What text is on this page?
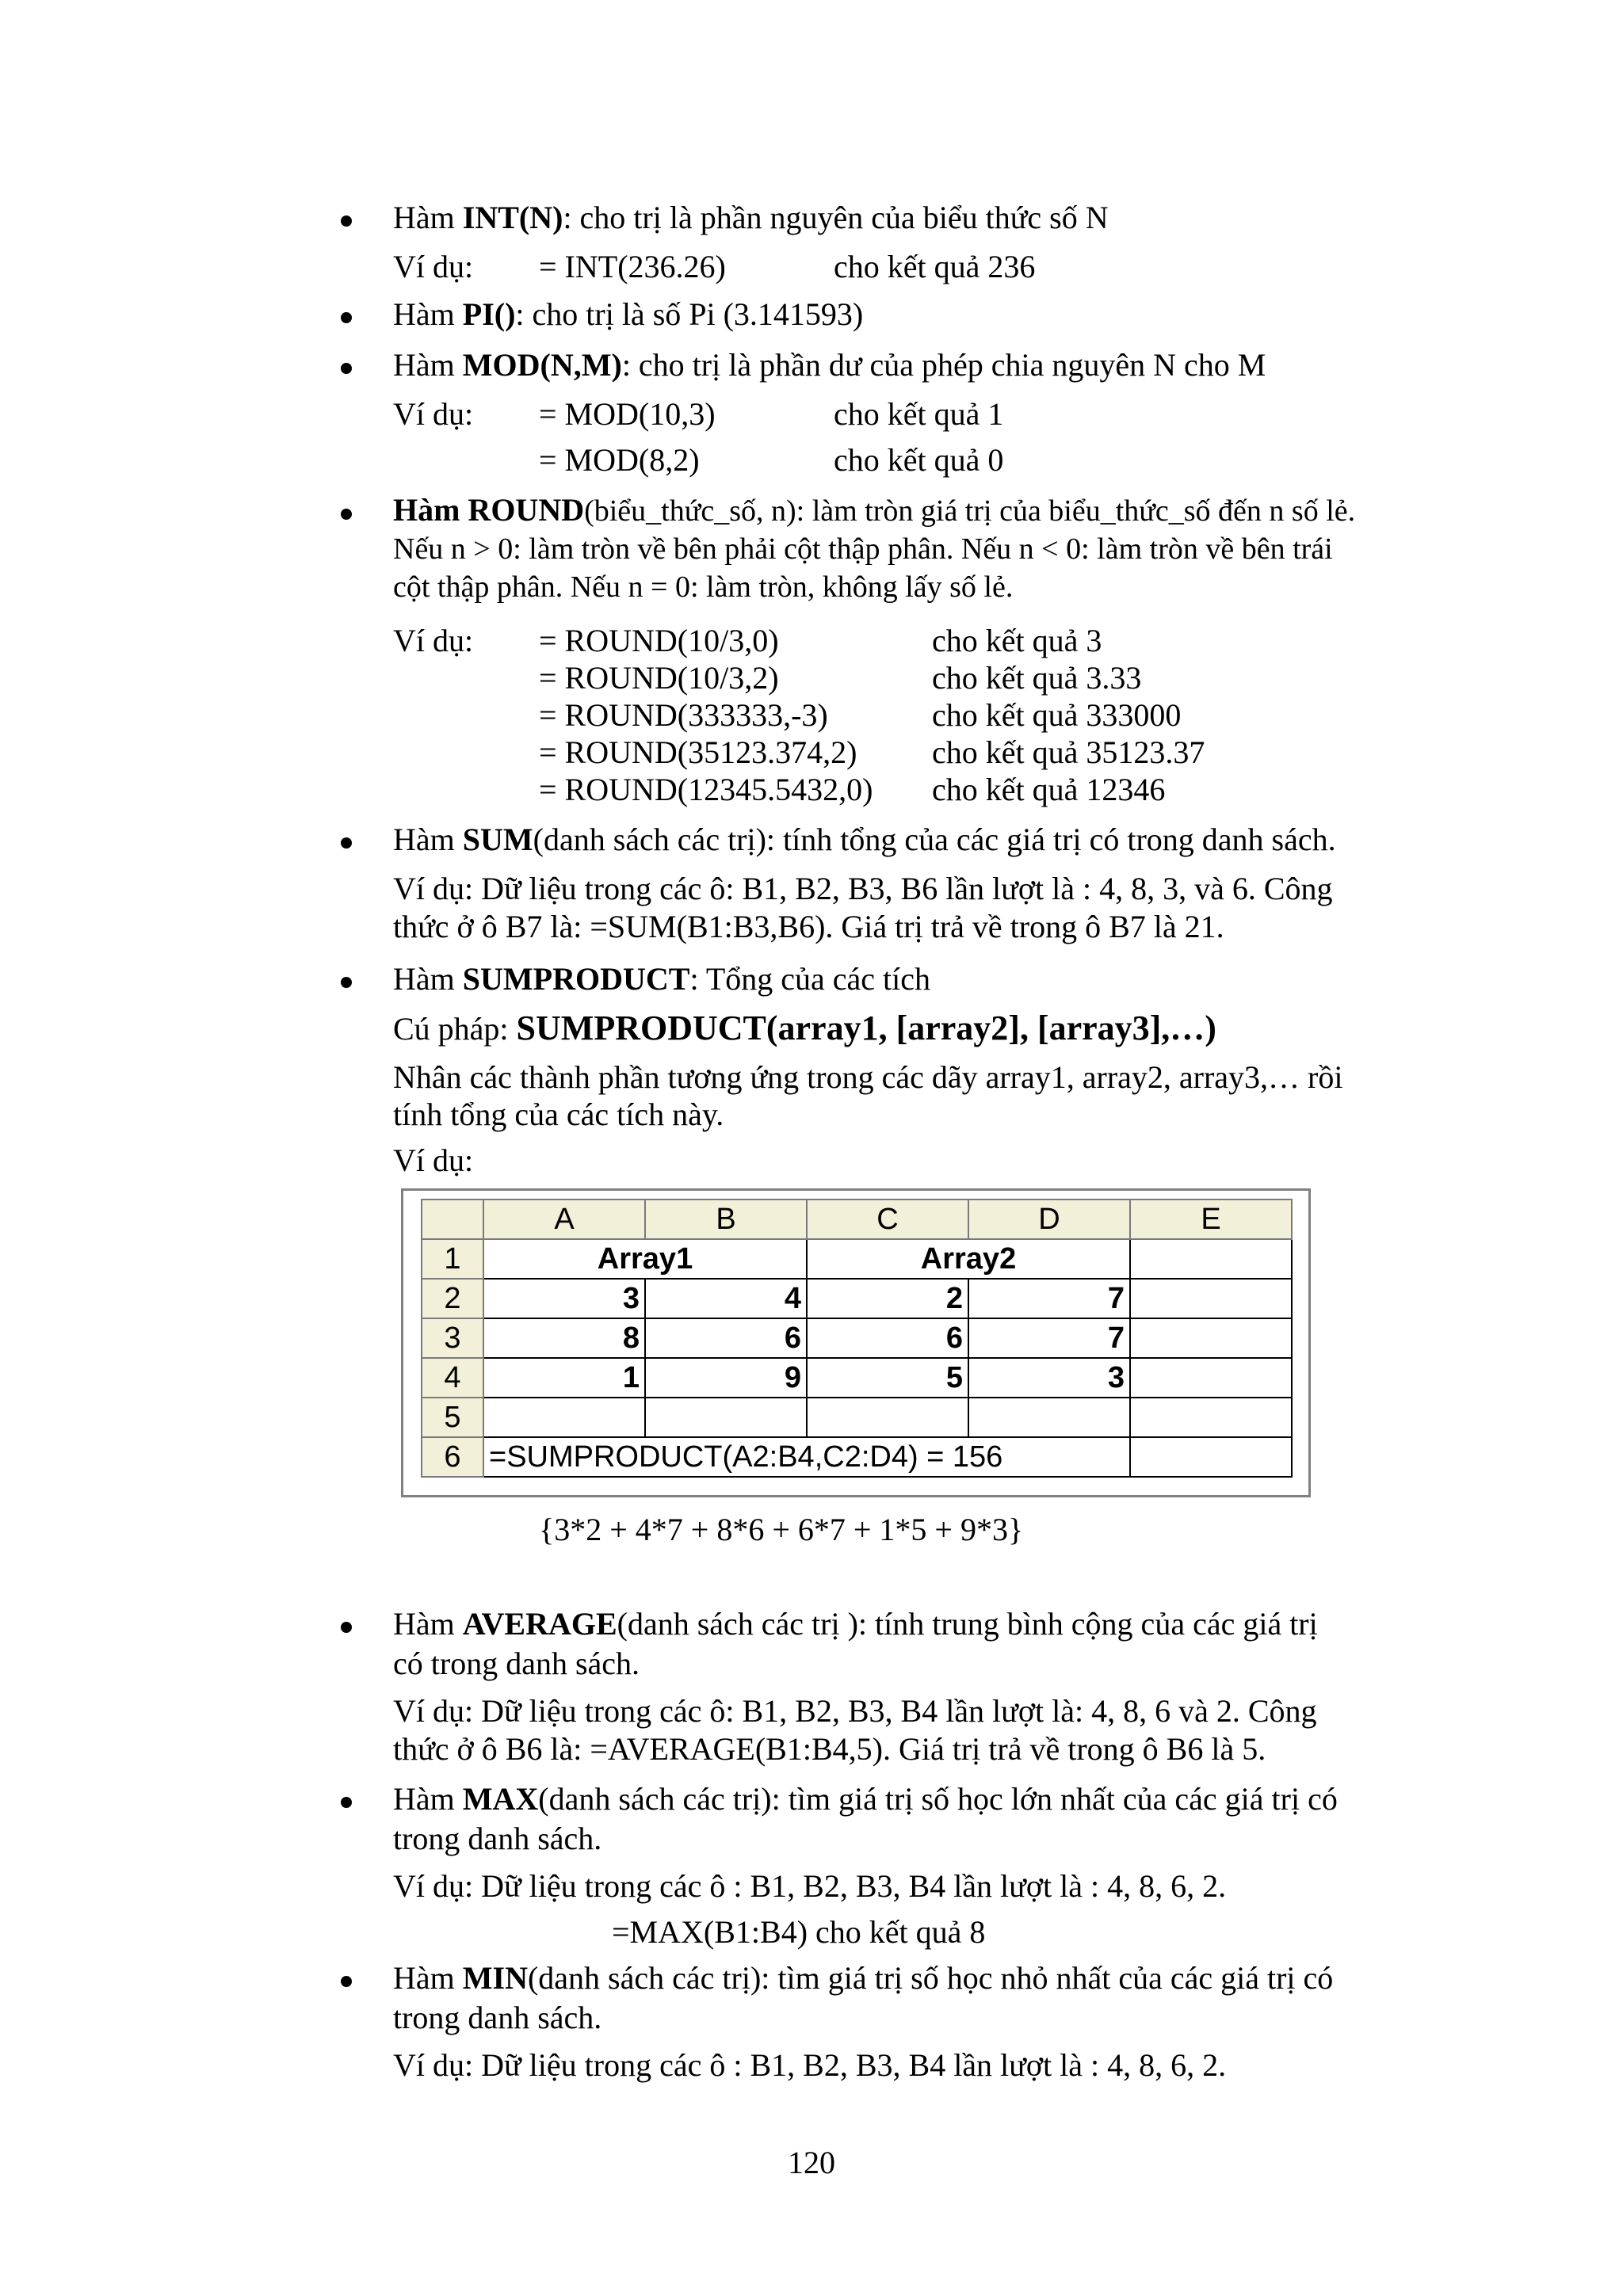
Hàm INT(N): cho trị là phần nguyên của biểu thức số N
Ví dụ: = INT(236.26)	cho kết quả 236
Hàm PI(): cho trị là số Pi (3.141593)
Hàm MOD(N,M): cho trị là phần dư của phép chia nguyên N cho M
Ví dụ: = MOD(10,3)	cho kết quả 1
= MOD(8,2)	cho kết quả 0
Hàm ROUND(biểu_thức_số, n): làm tròn giá trị của biểu_thức_số đến n số lẻ.
Nếu n > 0: làm tròn về bên phải cột thập phân. Nếu n < 0: làm tròn về bên trái
cột thập phân. Nếu n = 0: làm tròn, không lấy số lẻ.
Ví dụ: = ROUND(10/3,0)	cho kết quả 3
= ROUND(10/3,2)	cho kết quả 3.33
= ROUND(333333,-3)	cho kết quả 333000
= ROUND(35123.374,2) cho kết quả 35123.37
= ROUND(12345.5432,0) cho kết quả 12346
Hàm SUM(danh sách các trị): tính tổng của các giá trị có trong danh sách.
Ví dụ: Dữ liệu trong các ô: B1, B2, B3, B6 lần lượt là : 4, 8, 3, và 6. Công
thức ở ô B7 là: =SUM(B1:B3,B6). Giá trị trả về trong ô B7 là 21.
Hàm SUMPRODUCT: Tổng của các tích
Cú pháp: SUMPRODUCT(array1, [array2], [array3],…)
Nhân các thành phần tương ứng trong các dãy array1, array2, array3,… rồi
tính tổng của các tích này.
Ví dụ:
	A	B	C	D	E
1	Array1		Array2		
2	3	4	2	7	
3	8	6	6	7	
4	1	9	5	3	
5					
6	=SUMPRODUCT(A2:B4,C2:D4) = 156				
{3*2 + 4*7 + 8*6 + 6*7 + 1*5 + 9*3}
Hàm AVERAGE(danh sách các trị ): tính trung bình cộng của các giá trị
có trong danh sách.
Ví dụ: Dữ liệu trong các ô: B1, B2, B3, B4 lần lượt là: 4, 8, 6 và 2. Công
thức ở ô B6 là: =AVERAGE(B1:B4,5). Giá trị trả về trong ô B6 là 5.
Hàm MAX(danh sách các trị): tìm giá trị số học lớn nhất của các giá trị có
trong danh sách.
Ví dụ: Dữ liệu trong các ô : B1, B2, B3, B4 lần lượt là : 4, 8, 6, 2.
=MAX(B1:B4) cho kết quả 8
Hàm MIN(danh sách các trị): tìm giá trị số học nhỏ nhất của các giá trị có
trong danh sách.
Ví dụ: Dữ liệu trong các ô : B1, B2, B3, B4 lần lượt là : 4, 8, 6, 2.
120
